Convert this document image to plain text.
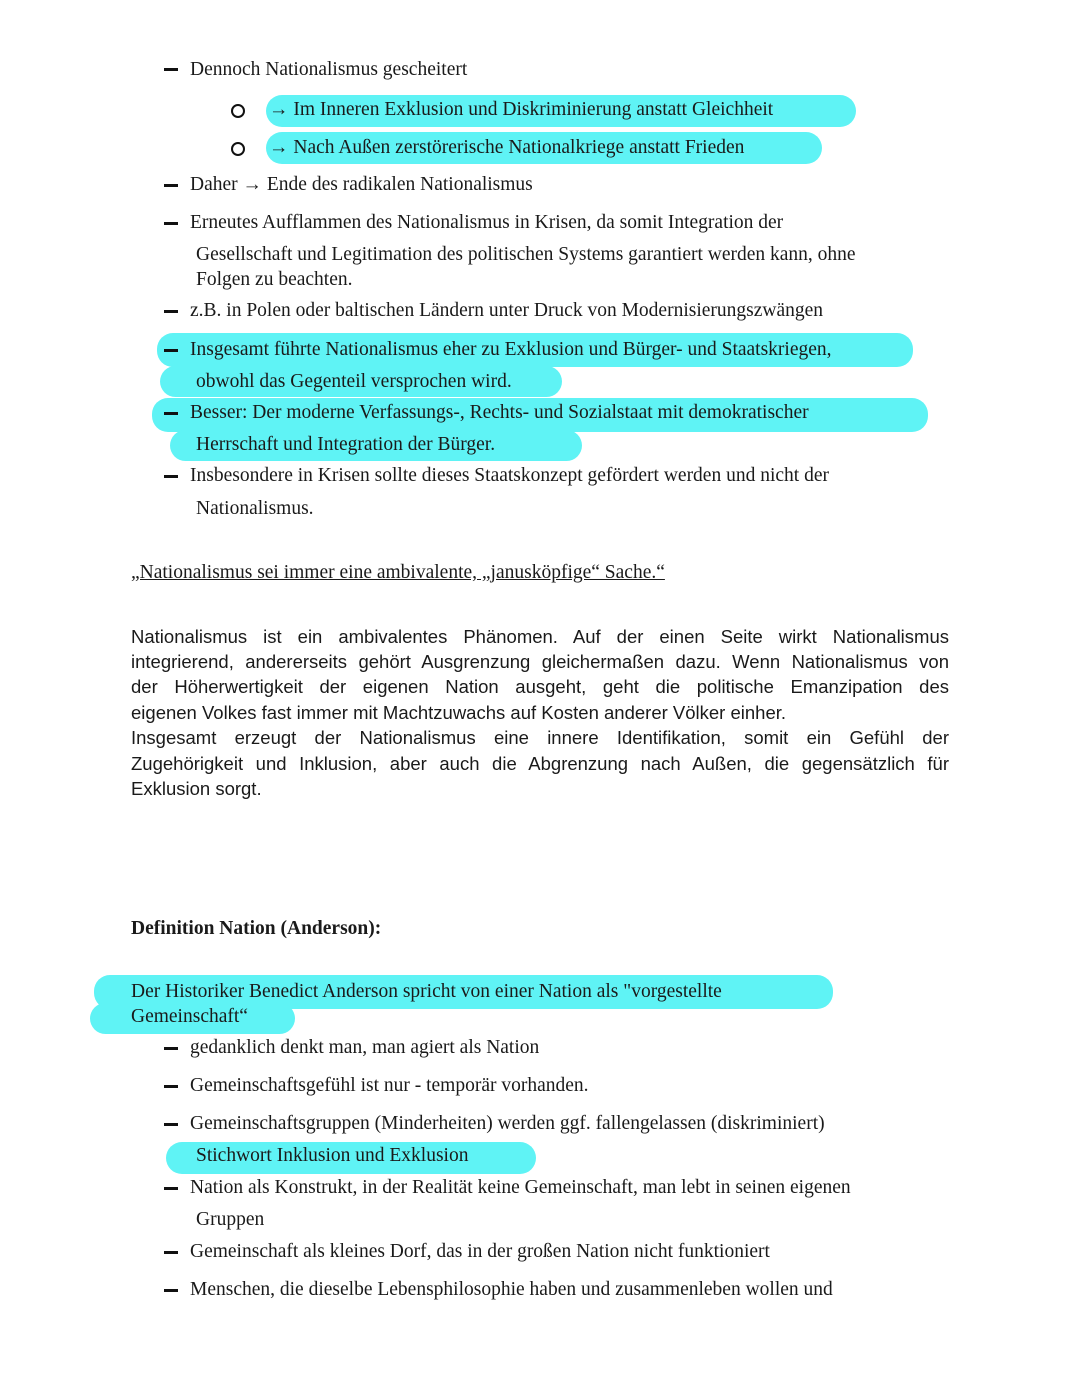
Dennoch Nationalismus gescheitert
→ Im Inneren Exklusion und Diskriminierung anstatt Gleichheit
→ Nach Außen zerstörerische Nationalkriege anstatt Frieden
Daher → Ende des radikalen Nationalismus
Erneutes Aufflammen des Nationalismus in Krisen, da somit Integration der
Gesellschaft und Legitimation des politischen Systems garantiert werden kann, ohne
Folgen zu beachten.
z.B. in Polen oder baltischen Ländern unter Druck von Modernisierungszwängen
Insgesamt führte Nationalismus eher zu Exklusion und Bürger- und Staatskriegen,
obwohl das Gegenteil versprochen wird.
Besser: Der moderne Verfassungs-, Rechts- und Sozialstaat mit demokratischer
Herrschaft und Integration der Bürger.
Insbesondere in Krisen sollte dieses Staatskonzept gefördert werden und nicht der
Nationalismus.
„Nationalismus sei immer eine ambivalente, „janusköpfige“ Sache.“
Nationalismus ist ein ambivalentes Phänomen. Auf der einen Seite wirkt Nationalismus
integrierend, andererseits gehört Ausgrenzung gleichermaßen dazu. Wenn Nationalismus von
der Höherwertigkeit der eigenen Nation ausgeht, geht die politische Emanzipation des
eigenen Volkes fast immer mit Machtzuwachs auf Kosten anderer Völker einher.
Insgesamt erzeugt der Nationalismus eine innere Identifikation, somit ein Gefühl der
Zugehörigkeit und Inklusion, aber auch die Abgrenzung nach Außen, die gegensätzlich für
Exklusion sorgt.
Definition Nation (Anderson):
Der Historiker Benedict Anderson spricht von einer Nation als "vorgestellte
Gemeinschaft“
gedanklich denkt man, man agiert als Nation
Gemeinschaftsgefühl ist nur - temporär vorhanden.
Gemeinschaftsgruppen (Minderheiten) werden ggf. fallengelassen (diskriminiert)
Stichwort Inklusion und Exklusion
Nation als Konstrukt, in der Realität keine Gemeinschaft, man lebt in seinen eigenen
Gruppen
Gemeinschaft als kleines Dorf, das in der großen Nation nicht funktioniert
Menschen, die dieselbe Lebensphilosophie haben und zusammenleben wollen und
